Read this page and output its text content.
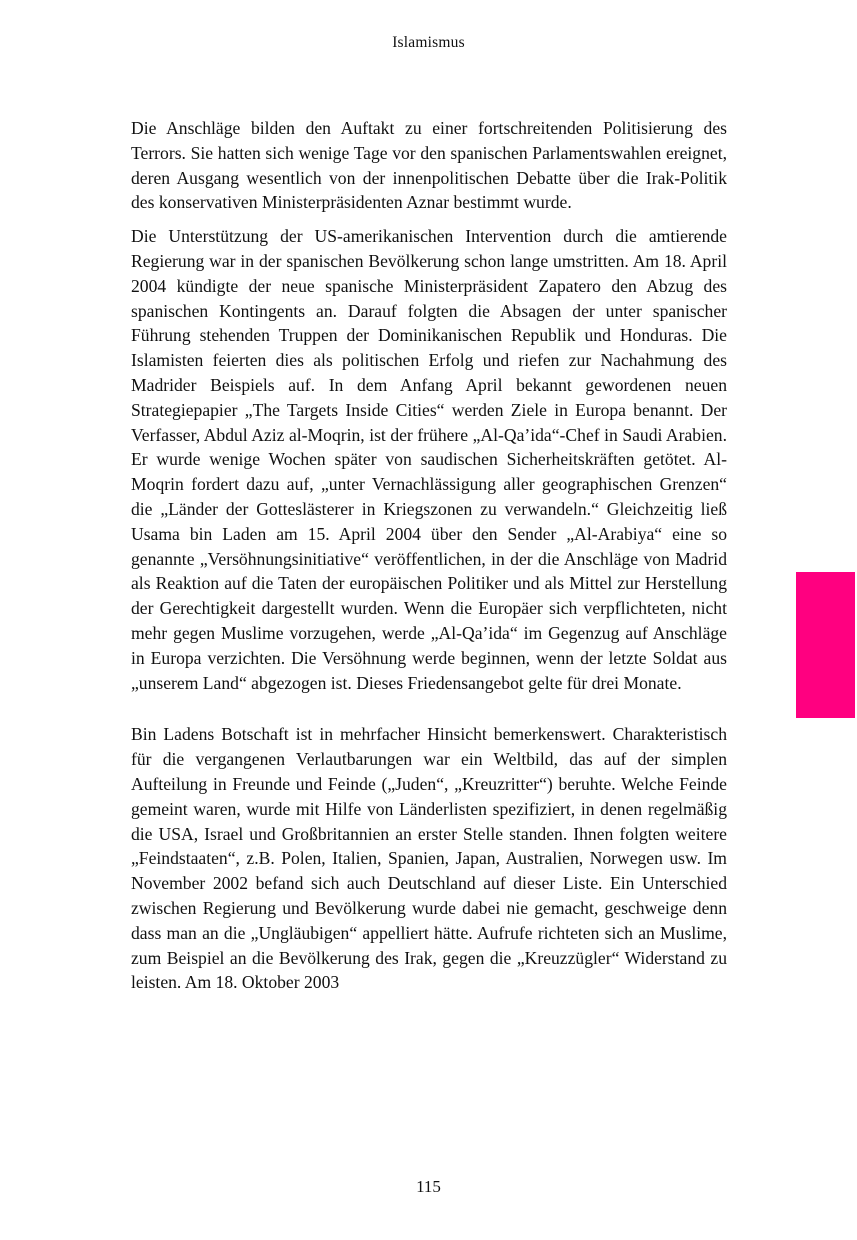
Islamismus

Die Anschläge bilden den Auftakt zu einer fortschreitenden Politisierung des Terrors. Sie hatten sich wenige Tage vor den spanischen Parlamentswahlen ereignet, deren Ausgang wesentlich von der innenpolitischen Debatte über die Irak-Politik des konservativen Ministerpräsidenten Aznar bestimmt wurde.

Die Unterstützung der US-amerikanischen Intervention durch die amtierende Regierung war in der spanischen Bevölkerung schon lange umstritten. Am 18. April 2004 kündigte der neue spanische Ministerpräsident Zapatero den Abzug des spanischen Kontingents an. Darauf folgten die Absagen der unter spanischer Führung stehenden Truppen der Dominikanischen Republik und Honduras. Die Islamisten feierten dies als politischen Erfolg und riefen zur Nachahmung des Madrider Beispiels auf. In dem Anfang April bekannt gewordenen neuen Strategiepapier „The Targets Inside Cities“ werden Ziele in Europa benannt. Der Verfasser, Abdul Aziz al-Moqrin, ist der frühere „Al-Qa’ida“-Chef in Saudi Arabien. Er wurde wenige Wochen später von saudischen Sicherheitskräften getötet. Al-Moqrin fordert dazu auf, „unter Vernachlässigung aller geographischen Grenzen“ die „Länder der Gotteslästerer in Kriegszonen zu verwandeln.“ Gleichzeitig ließ Usama bin Laden am 15. April 2004 über den Sender „Al-Arabiya“ eine so genannte „Versöhnungsinitiative“ veröffentlichen, in der die Anschläge von Madrid als Reaktion auf die Taten der europäischen Politiker und als Mittel zur Herstellung der Gerechtigkeit dargestellt wurden. Wenn die Europäer sich verpflichteten, nicht mehr gegen Muslime vorzugehen, werde „Al-Qa’ida“ im Gegenzug auf Anschläge in Europa verzichten. Die Versöhnung werde beginnen, wenn der letzte Soldat aus „unserem Land“ abgezogen ist. Dieses Friedensangebot gelte für drei Monate.

Bin Ladens Botschaft ist in mehrfacher Hinsicht bemerkenswert. Charakteristisch für die vergangenen Verlautbarungen war ein Weltbild, das auf der simplen Aufteilung in Freunde und Feinde („Juden“, „Kreuzritter“) beruhte. Welche Feinde gemeint waren, wurde mit Hilfe von Länderlisten spezifiziert, in denen regelmäßig die USA, Israel und Großbritannien an erster Stelle standen. Ihnen folgten weitere „Feindstaaten“, z.B. Polen, Italien, Spanien, Japan, Australien, Norwegen usw. Im November 2002 befand sich auch Deutschland auf dieser Liste. Ein Unterschied zwischen Regierung und Bevölkerung wurde dabei nie gemacht, geschweige denn dass man an die „Ungläubigen“ appelliert hätte. Aufrufe richteten sich an Muslime, zum Beispiel an die Bevölkerung des Irak, gegen die „Kreuzzügler“ Widerstand zu leisten. Am 18. Oktober 2003

115
